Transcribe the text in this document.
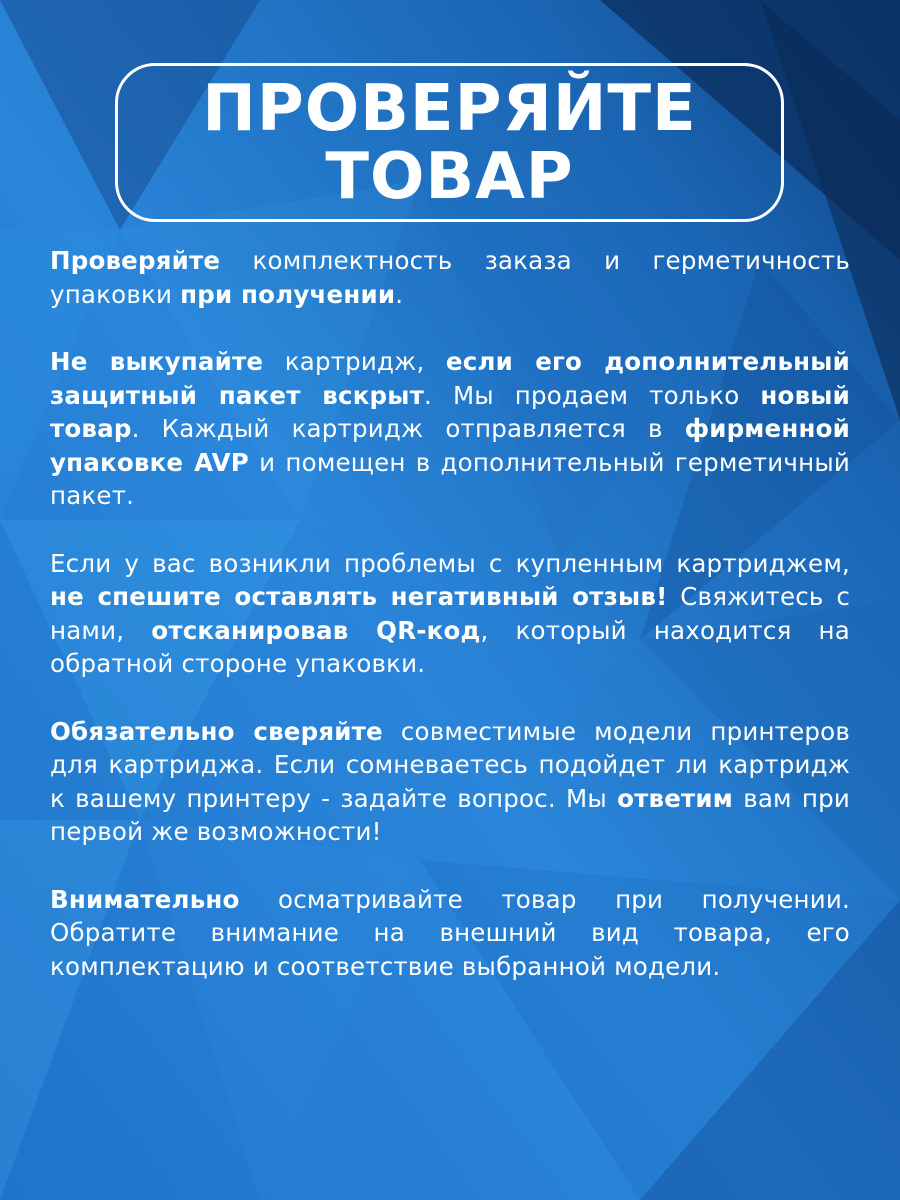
ПРОВЕРЯЙТЕ
ТОВАР

Проверяйте комплектность заказа и герметичность упаковки при получении.

Не выкупайте картридж, если его дополнительный защитный пакет вскрыт. Мы продаем только новый товар. Каждый картридж отправляется в фирменной упаковке AVP и помещен в дополнительный герметичный пакет.

Если у вас возникли проблемы с купленным картриджем, не спешите оставлять негативный отзыв! Свяжитесь с нами, отсканировав QR-код, который находится на обратной стороне упаковки.

Обязательно сверяйте совместимые модели принтеров для картриджа. Если сомневаетесь подойдет ли картридж к вашему принтеру - задайте вопрос. Мы ответим вам при первой же возможности!

Внимательно осматривайте товар при получении. Обратите внимание на внешний вид товара, его комплектацию и соответствие выбранной модели.
